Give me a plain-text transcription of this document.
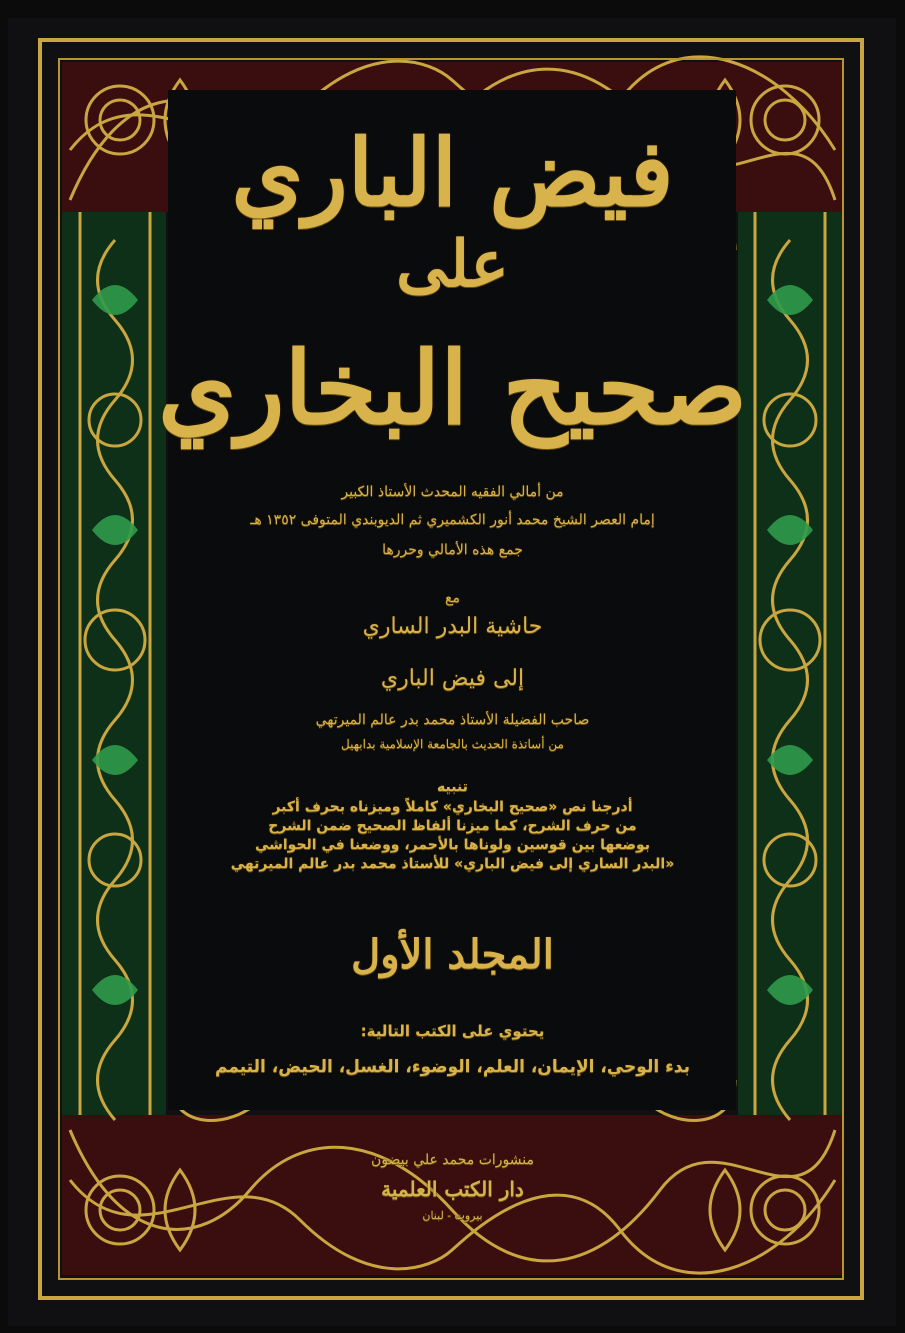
فيض الباري
على
صحيح البخاري
من أمالي الفقيه المحدث الأستاذ الكبير
إمام العصر الشيخ محمد أنور الكشميري ثم الديوبندي المتوفى ١٣٥٢ هـ
جمع هذه الأمالي وحررها
مع
حاشية البدر الساري
إلى فيض الباري
صاحب الفضيلة الأستاذ محمد بدر عالم الميرتهي
من أساتذة الحديث بالجامعة الإسلامية بدابهيل
تنبيه
أدرجنا نص «صحيح البخاري» كاملاً وميزناه بحرف أكبر
من حرف الشرح، كما ميزنا ألفاظ الصحيح ضمن الشرح
بوضعها بين قوسين ولوناها بالأحمر، ووضعنا في الحواشي
«البدر الساري إلى فيض الباري» للأستاذ محمد بدر عالم الميرتهي
المجلد الأول
يحتوي على الكتب التالية:
بدء الوحي، الإيمان، العلم، الوضوء، الغسل، الحيض، التيمم
منشورات محمد علي بيضون
دار الكتب العلمية
بيروت - لبنان
